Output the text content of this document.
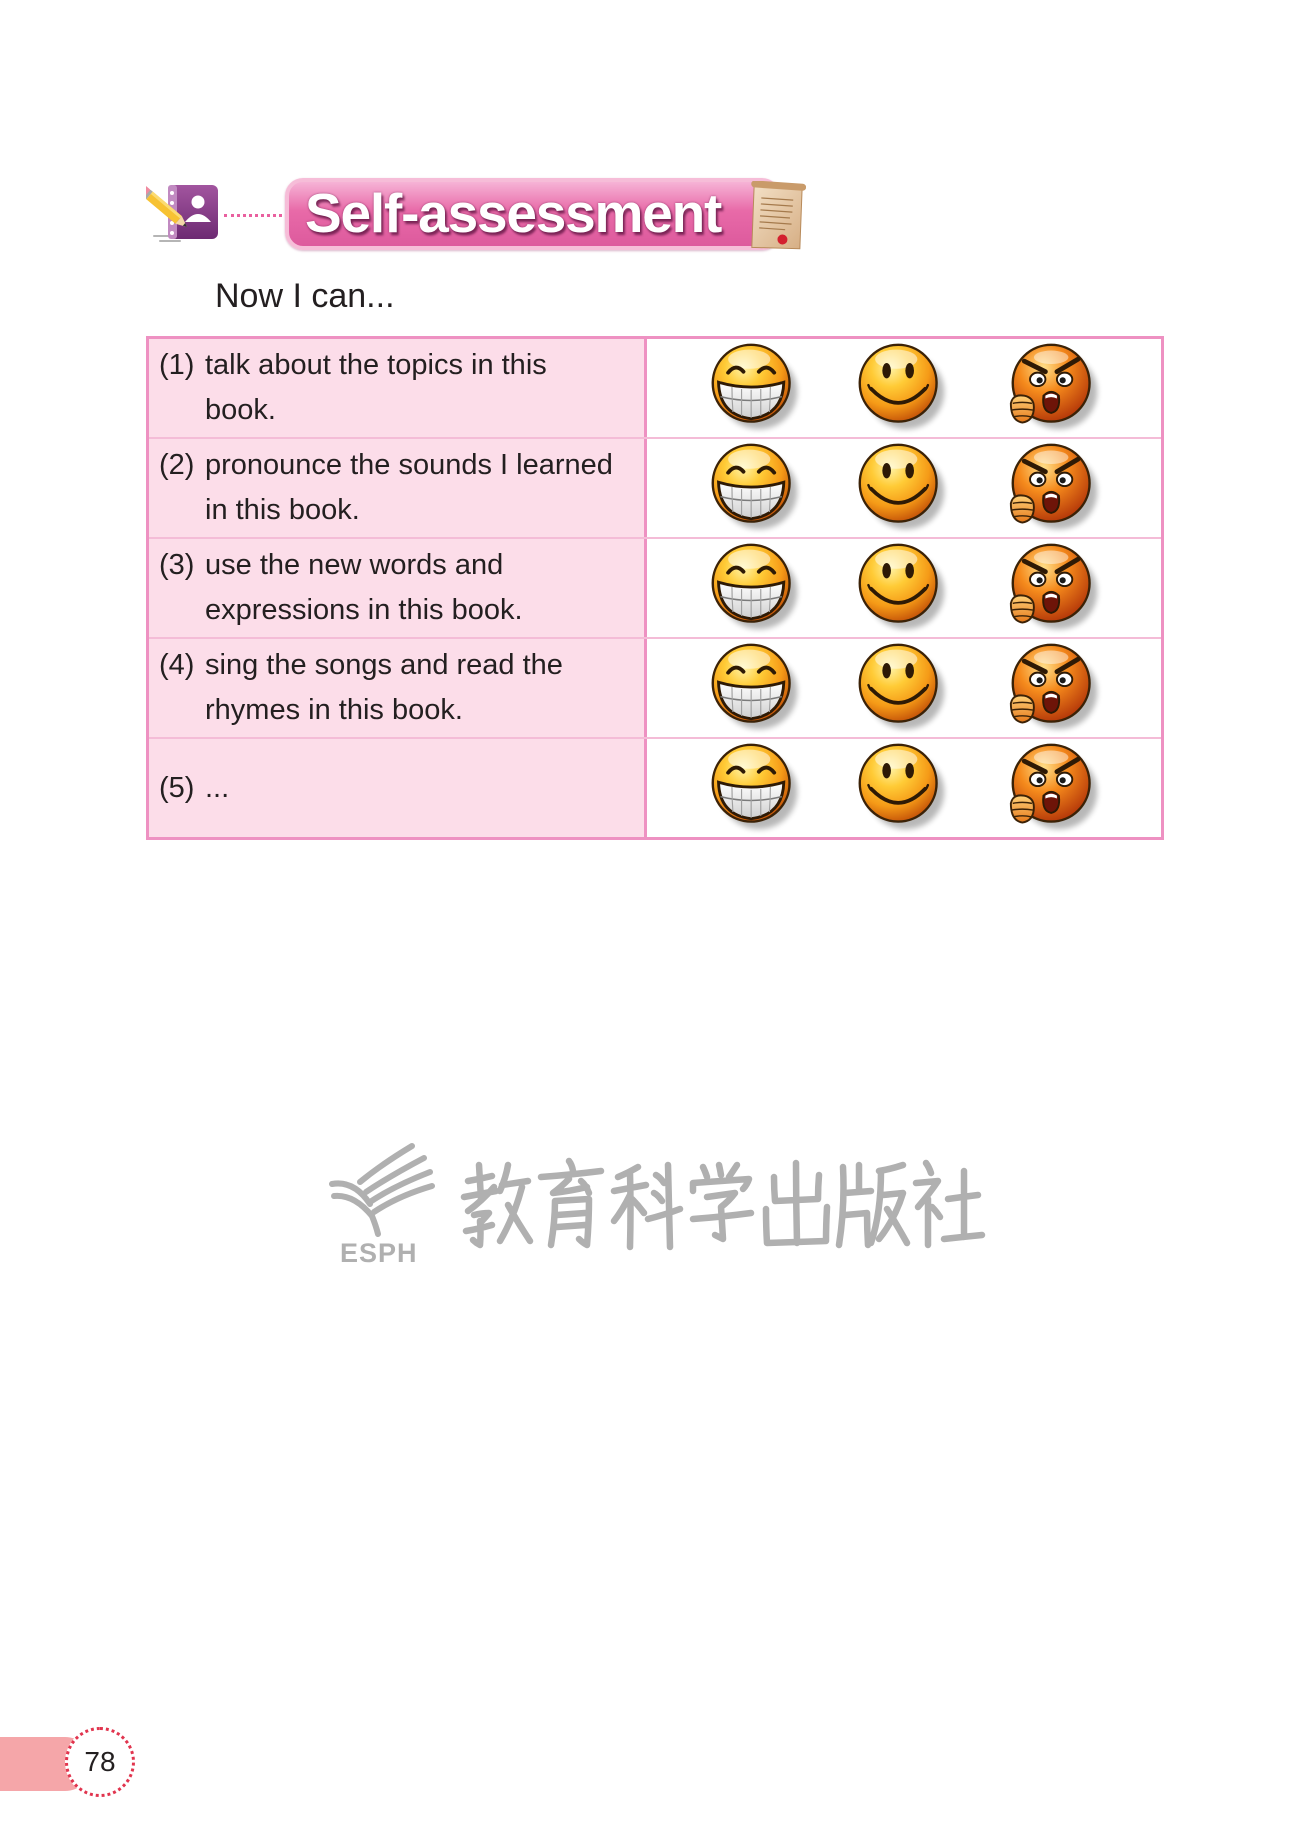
Self-assessment
Now I can...
(1) talk about the topics in this
book.
(2) pronounce the sounds I learned
in this book.
(3) use the new words and
expressions in this book.
(4) sing the songs and read the
rhymes in this book.
(5) ...
ESPH
78
